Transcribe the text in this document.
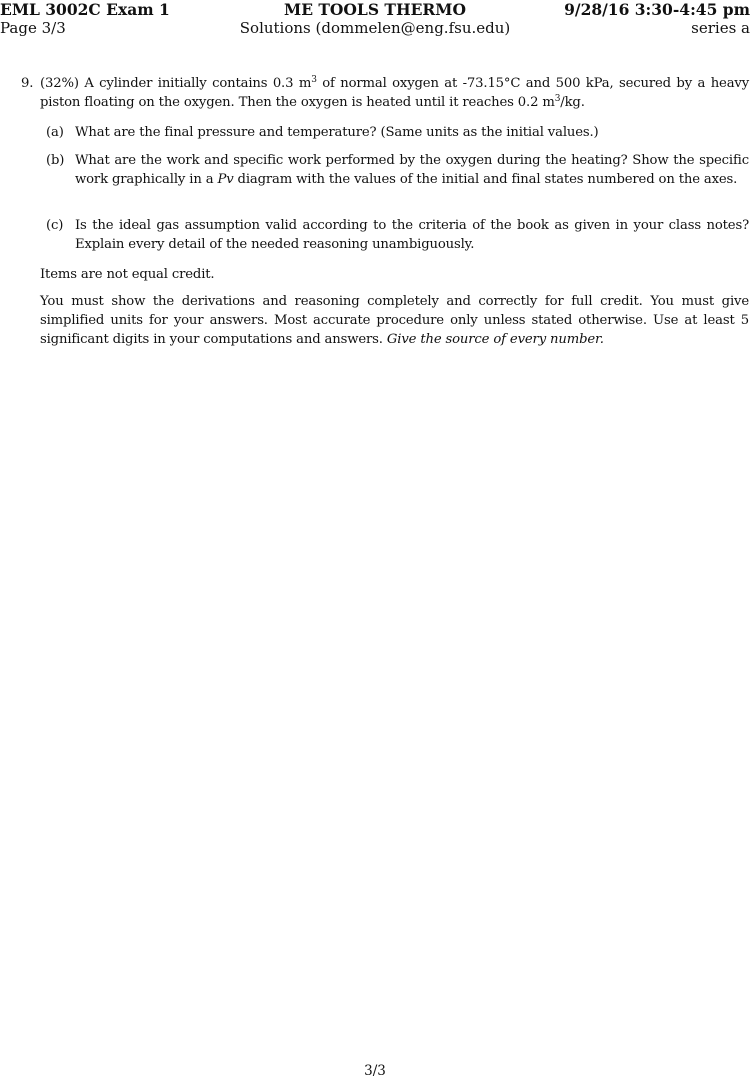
EML 3002C Exam 1	ME TOOLS THERMO	9/28/16 3:30-4:45 pm
Page 3/3	Solutions (dommelen@eng.fsu.edu)	series a
9. (32%) A cylinder initially contains 0.3 $m^3$ of normal oxygen at -73.15°C and 500 kPa, secured by a heavy piston floating on the oxygen. Then the oxygen is heated until it reaches 0.2 $m^3/kg$.
(a) What are the final pressure and temperature? (Same units as the initial values.)
(b) What are the work and specific work performed by the oxygen during the heating? Show the specific work graphically in a Pv diagram with the values of the initial and final states numbered on the axes.
(c) Is the ideal gas assumption valid according to the criteria of the book as given in your class notes? Explain every detail of the needed reasoning unambiguously.
Items are not equal credit.
You must show the derivations and reasoning completely and correctly for full credit. You must give simplified units for your answers. Most accurate procedure only unless stated otherwise. Use at least 5 significant digits in your computations and answers. Give the source of every number.
3/3
